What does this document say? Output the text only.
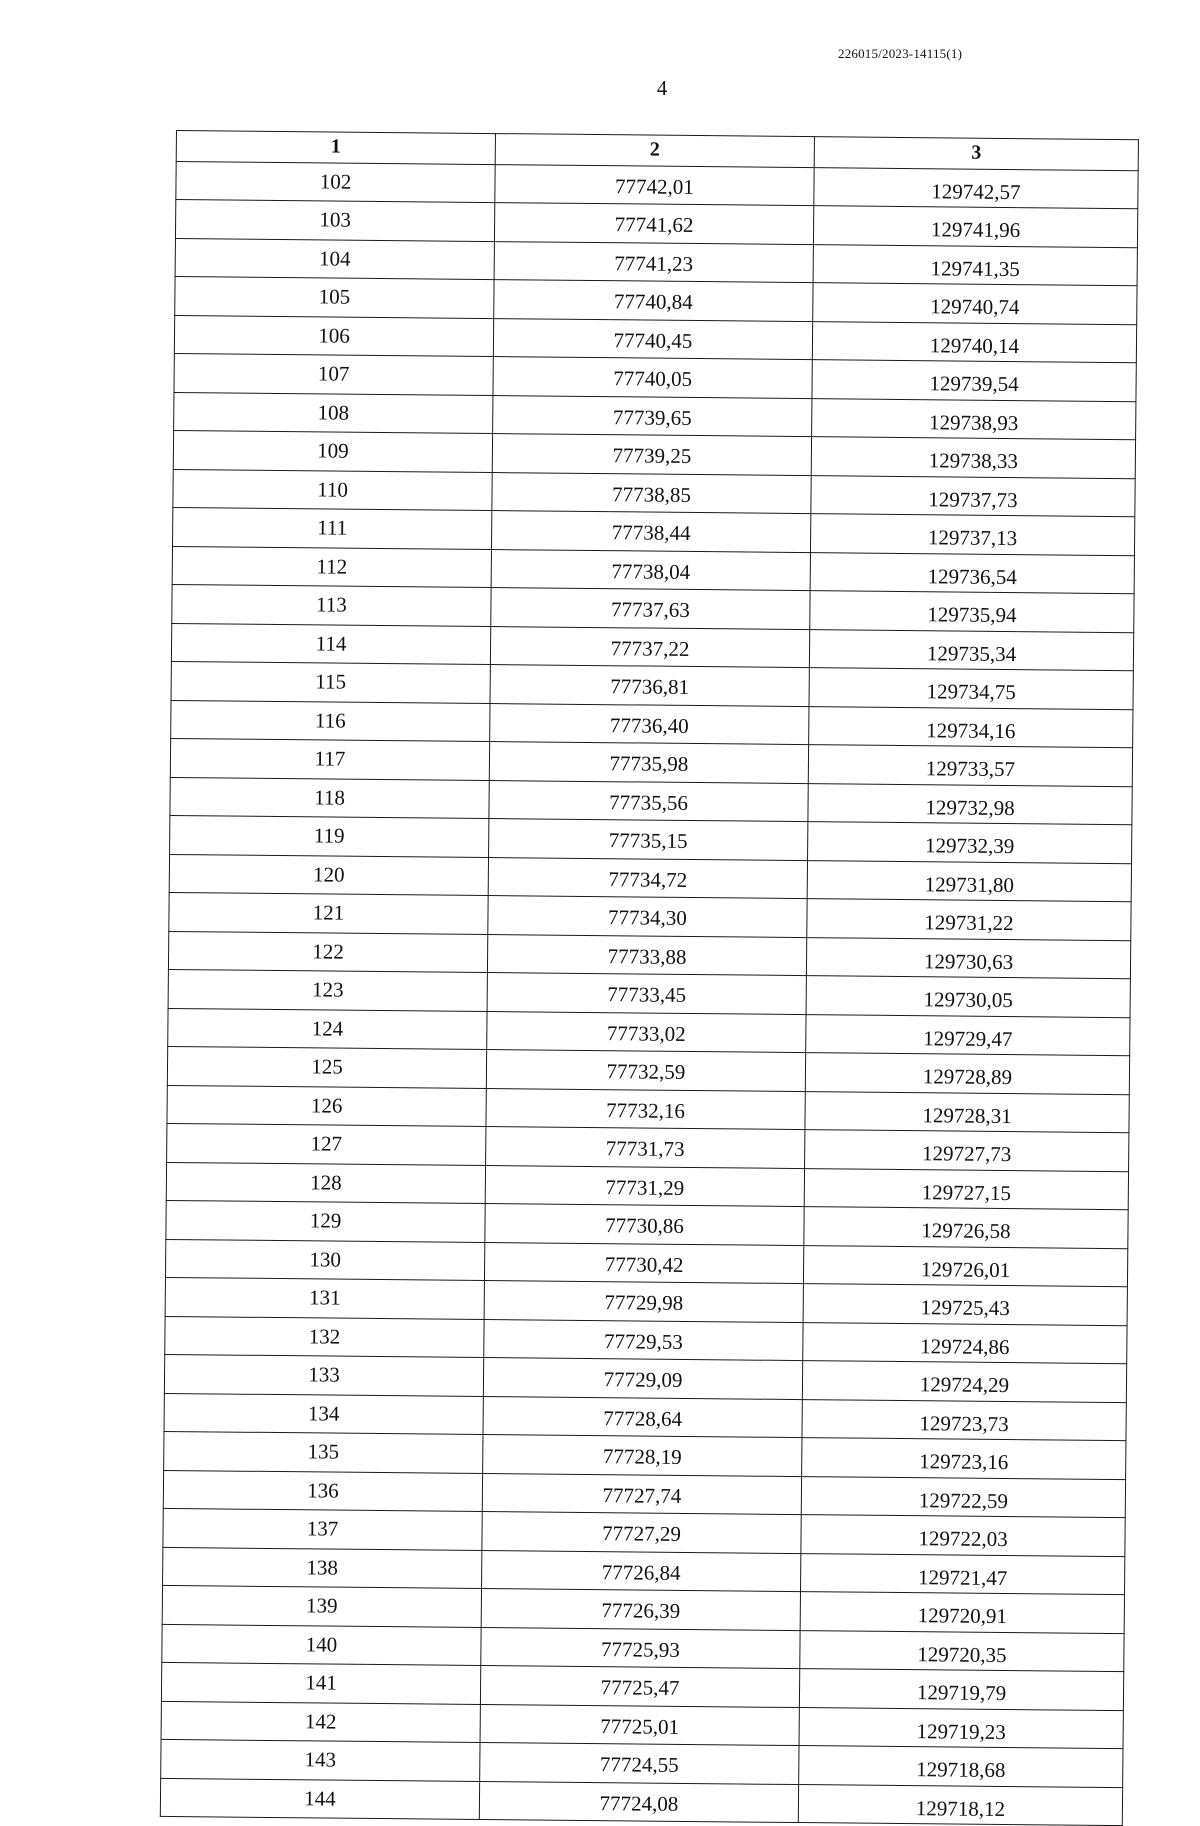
226015/2023-14115(1)
4
1	2	3
102	77742,01	129742,57
103	77741,62	129741,96
104	77741,23	129741,35
105	77740,84	129740,74
106	77740,45	129740,14
107	77740,05	129739,54
108	77739,65	129738,93
109	77739,25	129738,33
110	77738,85	129737,73
111	77738,44	129737,13
112	77738,04	129736,54
113	77737,63	129735,94
114	77737,22	129735,34
115	77736,81	129734,75
116	77736,40	129734,16
117	77735,98	129733,57
118	77735,56	129732,98
119	77735,15	129732,39
120	77734,72	129731,80
121	77734,30	129731,22
122	77733,88	129730,63
123	77733,45	129730,05
124	77733,02	129729,47
125	77732,59	129728,89
126	77732,16	129728,31
127	77731,73	129727,73
128	77731,29	129727,15
129	77730,86	129726,58
130	77730,42	129726,01
131	77729,98	129725,43
132	77729,53	129724,86
133	77729,09	129724,29
134	77728,64	129723,73
135	77728,19	129723,16
136	77727,74	129722,59
137	77727,29	129722,03
138	77726,84	129721,47
139	77726,39	129720,91
140	77725,93	129720,35
141	77725,47	129719,79
142	77725,01	129719,23
143	77724,55	129718,68
144	77724,08	129718,12
